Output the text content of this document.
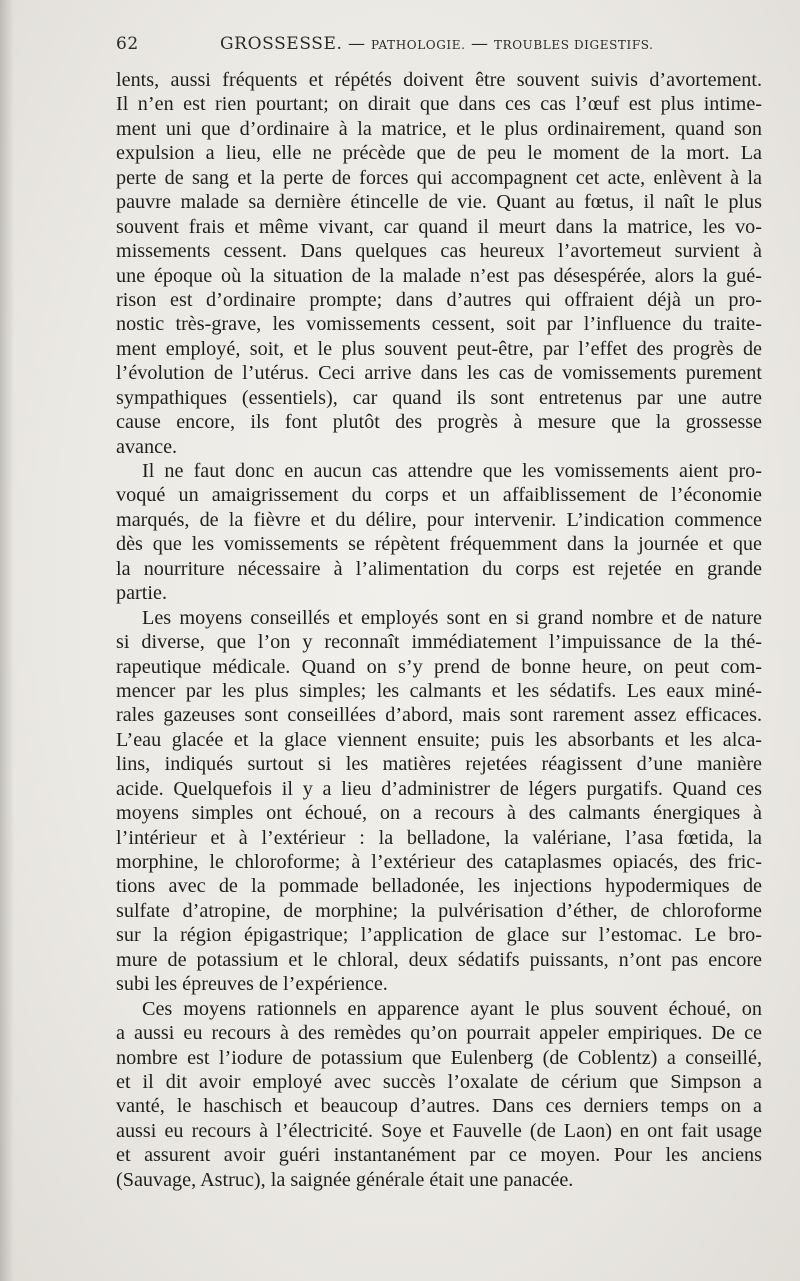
62	GROSSESSE. — PATHOLOGIE. — TROUBLES DIGESTIFS.
lents, aussi fréquents et répétés doivent être souvent suivis d’avortement.
Il n’en est rien pourtant; on dirait que dans ces cas l’œuf est plus intime-
ment uni que d’ordinaire à la matrice, et le plus ordinairement, quand son
expulsion a lieu, elle ne précède que de peu le moment de la mort. La
perte de sang et la perte de forces qui accompagnent cet acte, enlèvent à la
pauvre malade sa dernière étincelle de vie. Quant au fœtus, il naît le plus
souvent frais et même vivant, car quand il meurt dans la matrice, les vo-
missements cessent. Dans quelques cas heureux l’avortemeut survient à
une époque où la situation de la malade n’est pas désespérée, alors la gué-
rison est d’ordinaire prompte; dans d’autres qui offraient déjà un pro-
nostic très-grave, les vomissements cessent, soit par l’influence du traite-
ment employé, soit, et le plus souvent peut-être, par l’effet des progrès de
l’évolution de l’utérus. Ceci arrive dans les cas de vomissements purement
sympathiques (essentiels), car quand ils sont entretenus par une autre
cause encore, ils font plutôt des progrès à mesure que la grossesse
avance.
Il ne faut donc en aucun cas attendre que les vomissements aient pro-
voqué un amaigrissement du corps et un affaiblissement de l’économie
marqués, de la fièvre et du délire, pour intervenir. L’indication commence
dès que les vomissements se répètent fréquemment dans la journée et que
la nourriture nécessaire à l’alimentation du corps est rejetée en grande
partie.
Les moyens conseillés et employés sont en si grand nombre et de nature
si diverse, que l’on y reconnaît immédiatement l’impuissance de la thé-
rapeutique médicale. Quand on s’y prend de bonne heure, on peut com-
mencer par les plus simples; les calmants et les sédatifs. Les eaux miné-
rales gazeuses sont conseillées d’abord, mais sont rarement assez efficaces.
L’eau glacée et la glace viennent ensuite; puis les absorbants et les alca-
lins, indiqués surtout si les matières rejetées réagissent d’une manière
acide. Quelquefois il y a lieu d’administrer de légers purgatifs. Quand ces
moyens simples ont échoué, on a recours à des calmants énergiques à
l’intérieur et à l’extérieur : la belladone, la valériane, l’asa fœtida, la
morphine, le chloroforme; à l’extérieur des cataplasmes opiacés, des fric-
tions avec de la pommade belladonée, les injections hypodermiques de
sulfate d’atropine, de morphine; la pulvérisation d’éther, de chloroforme
sur la région épigastrique; l’application de glace sur l’estomac. Le bro-
mure de potassium et le chloral, deux sédatifs puissants, n’ont pas encore
subi les épreuves de l’expérience.
Ces moyens rationnels en apparence ayant le plus souvent échoué, on
a aussi eu recours à des remèdes qu’on pourrait appeler empiriques. De ce
nombre est l’iodure de potassium que Eulenberg (de Coblentz) a conseillé,
et il dit avoir employé avec succès l’oxalate de cérium que Simpson a
vanté, le haschisch et beaucoup d’autres. Dans ces derniers temps on a
aussi eu recours à l’électricité. Soye et Fauvelle (de Laon) en ont fait usage
et assurent avoir guéri instantanément par ce moyen. Pour les anciens
(Sauvage, Astruc), la saignée générale était une panacée.
